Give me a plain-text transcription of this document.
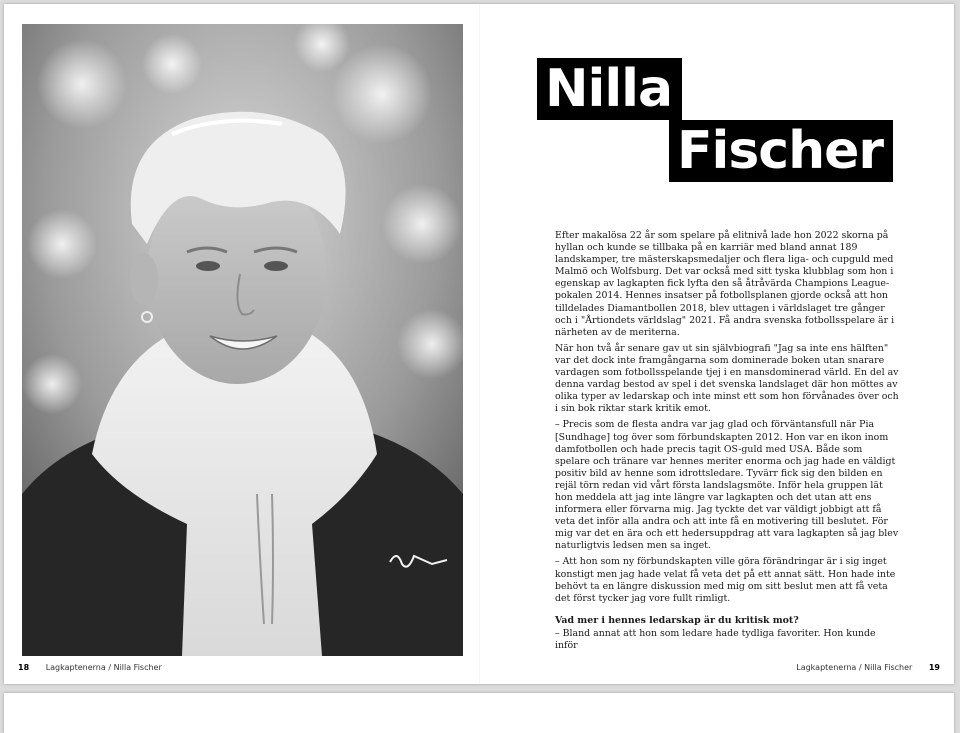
Nilla
Fischer

Efter makalösa 22 år som spelare på elitnivå lade hon 2022 skorna på hyllan och kunde se tillbaka på en karriär med bland annat 189 landskamper, tre mästerskapsmedaljer och flera liga- och cupguld med Malmö och Wolfsburg. Det var också med sitt tyska klubblag som hon i egenskap av lagkapten fick lyfta den så åtråvärda Champions League-pokalen 2014. Hennes insatser på fotbollsplanen gjorde också att hon tilldelades Diamantbollen 2018, blev uttagen i världslaget tre gånger och i "Årtiondets världslag" 2021. Få andra svenska fotbollsspelare är i närheten av de meriterna.

När hon två år senare gav ut sin självbiografi "Jag sa inte ens hälften" var det dock inte framgångarna som dominerade boken utan snarare vardagen som fotbollsspelande tjej i en mansdominerad värld. En del av denna vardag bestod av spel i det svenska landslaget där hon möttes av olika typer av ledarskap och inte minst ett som hon förvånades över och i sin bok riktar stark kritik emot.

– Precis som de flesta andra var jag glad och förväntansfull när Pia [Sundhage] tog över som förbundskapten 2012. Hon var en ikon inom damfotbollen och hade precis tagit OS-guld med USA. Både som spelare och tränare var hennes meriter enorma och jag hade en väldigt positiv bild av henne som idrottsledare. Tyvärr fick sig den bilden en rejäl törn redan vid vårt första landslagsmöte. Inför hela gruppen lät hon meddela att jag inte längre var lagkapten och det utan att ens informera eller förvarna mig. Jag tyckte det var väldigt jobbigt att få veta det inför alla andra och att inte få en motivering till beslutet. För mig var det en ära och ett hedersuppdrag att vara lagkapten så jag blev naturligtvis ledsen men sa inget.

– Att hon som ny förbundskapten ville göra förändringar är i sig inget konstigt men jag hade velat få veta det på ett annat sätt. Hon hade inte behövt ta en längre diskussion med mig om sitt beslut men att få veta det först tycker jag vore fullt rimligt.

Vad mer i hennes ledarskap är du kritisk mot?

– Bland annat att hon som ledare hade tydliga favoriter. Hon kunde inför

18 Lagkaptenerna / Nilla Fischer	Lagkaptenerna / Nilla Fischer 19
